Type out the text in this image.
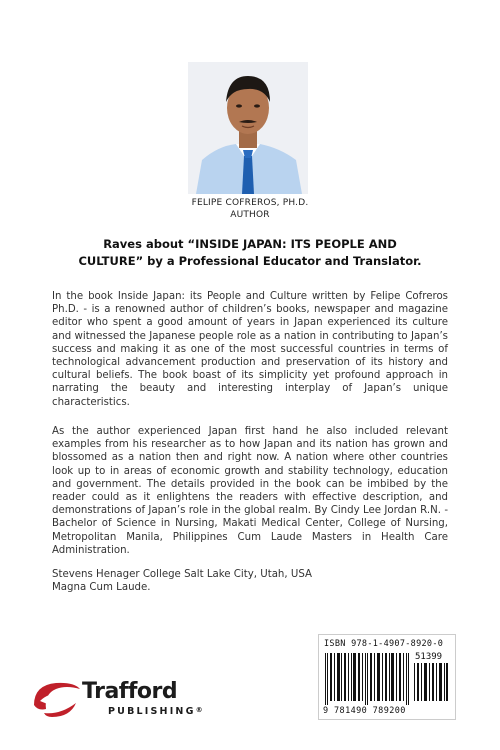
FELIPE COFREROS, PH.D.
AUTHOR
Raves about “INSIDE JAPAN: ITS PEOPLE AND
CULTURE” by a Professional Educator and Translator.
In the book Inside Japan: its People and Culture written by Felipe Cofreros Ph.D. - is a renowned author of children’s books, newspaper and magazine editor who spent a good amount of years in Japan experienced its culture and witnessed the Japanese people role as a nation in contributing to Japan’s success and making it as one of the most successful countries in terms of technological advancement production and preservation of its history and cultural beliefs. The book boast of its simplicity yet profound approach in narrating the beauty and interesting interplay of Japan’s unique characteristics.
As the author experienced Japan first hand he also included relevant examples from his researcher as to how Japan and its nation has grown and blossomed as a nation then and right now. A nation where other countries look up to in areas of economic growth and stability technology, education and government. The details provided in the book can be imbibed by the reader could as it enlightens the readers with effective description, and demonstrations of Japan’s role in the global realm. By Cindy Lee Jordan R.N. - Bachelor of Science in Nursing, Makati Medical Center, College of Nursing, Metropolitan Manila, Philippines Cum Laude Masters in Health Care Administration.
Stevens Henager College Salt Lake City, Utah, USA
Magna Cum Laude.
Trafford
PUBLISHING®
ISBN 978-1-4907-8920-0
51399
9 781490 789200
